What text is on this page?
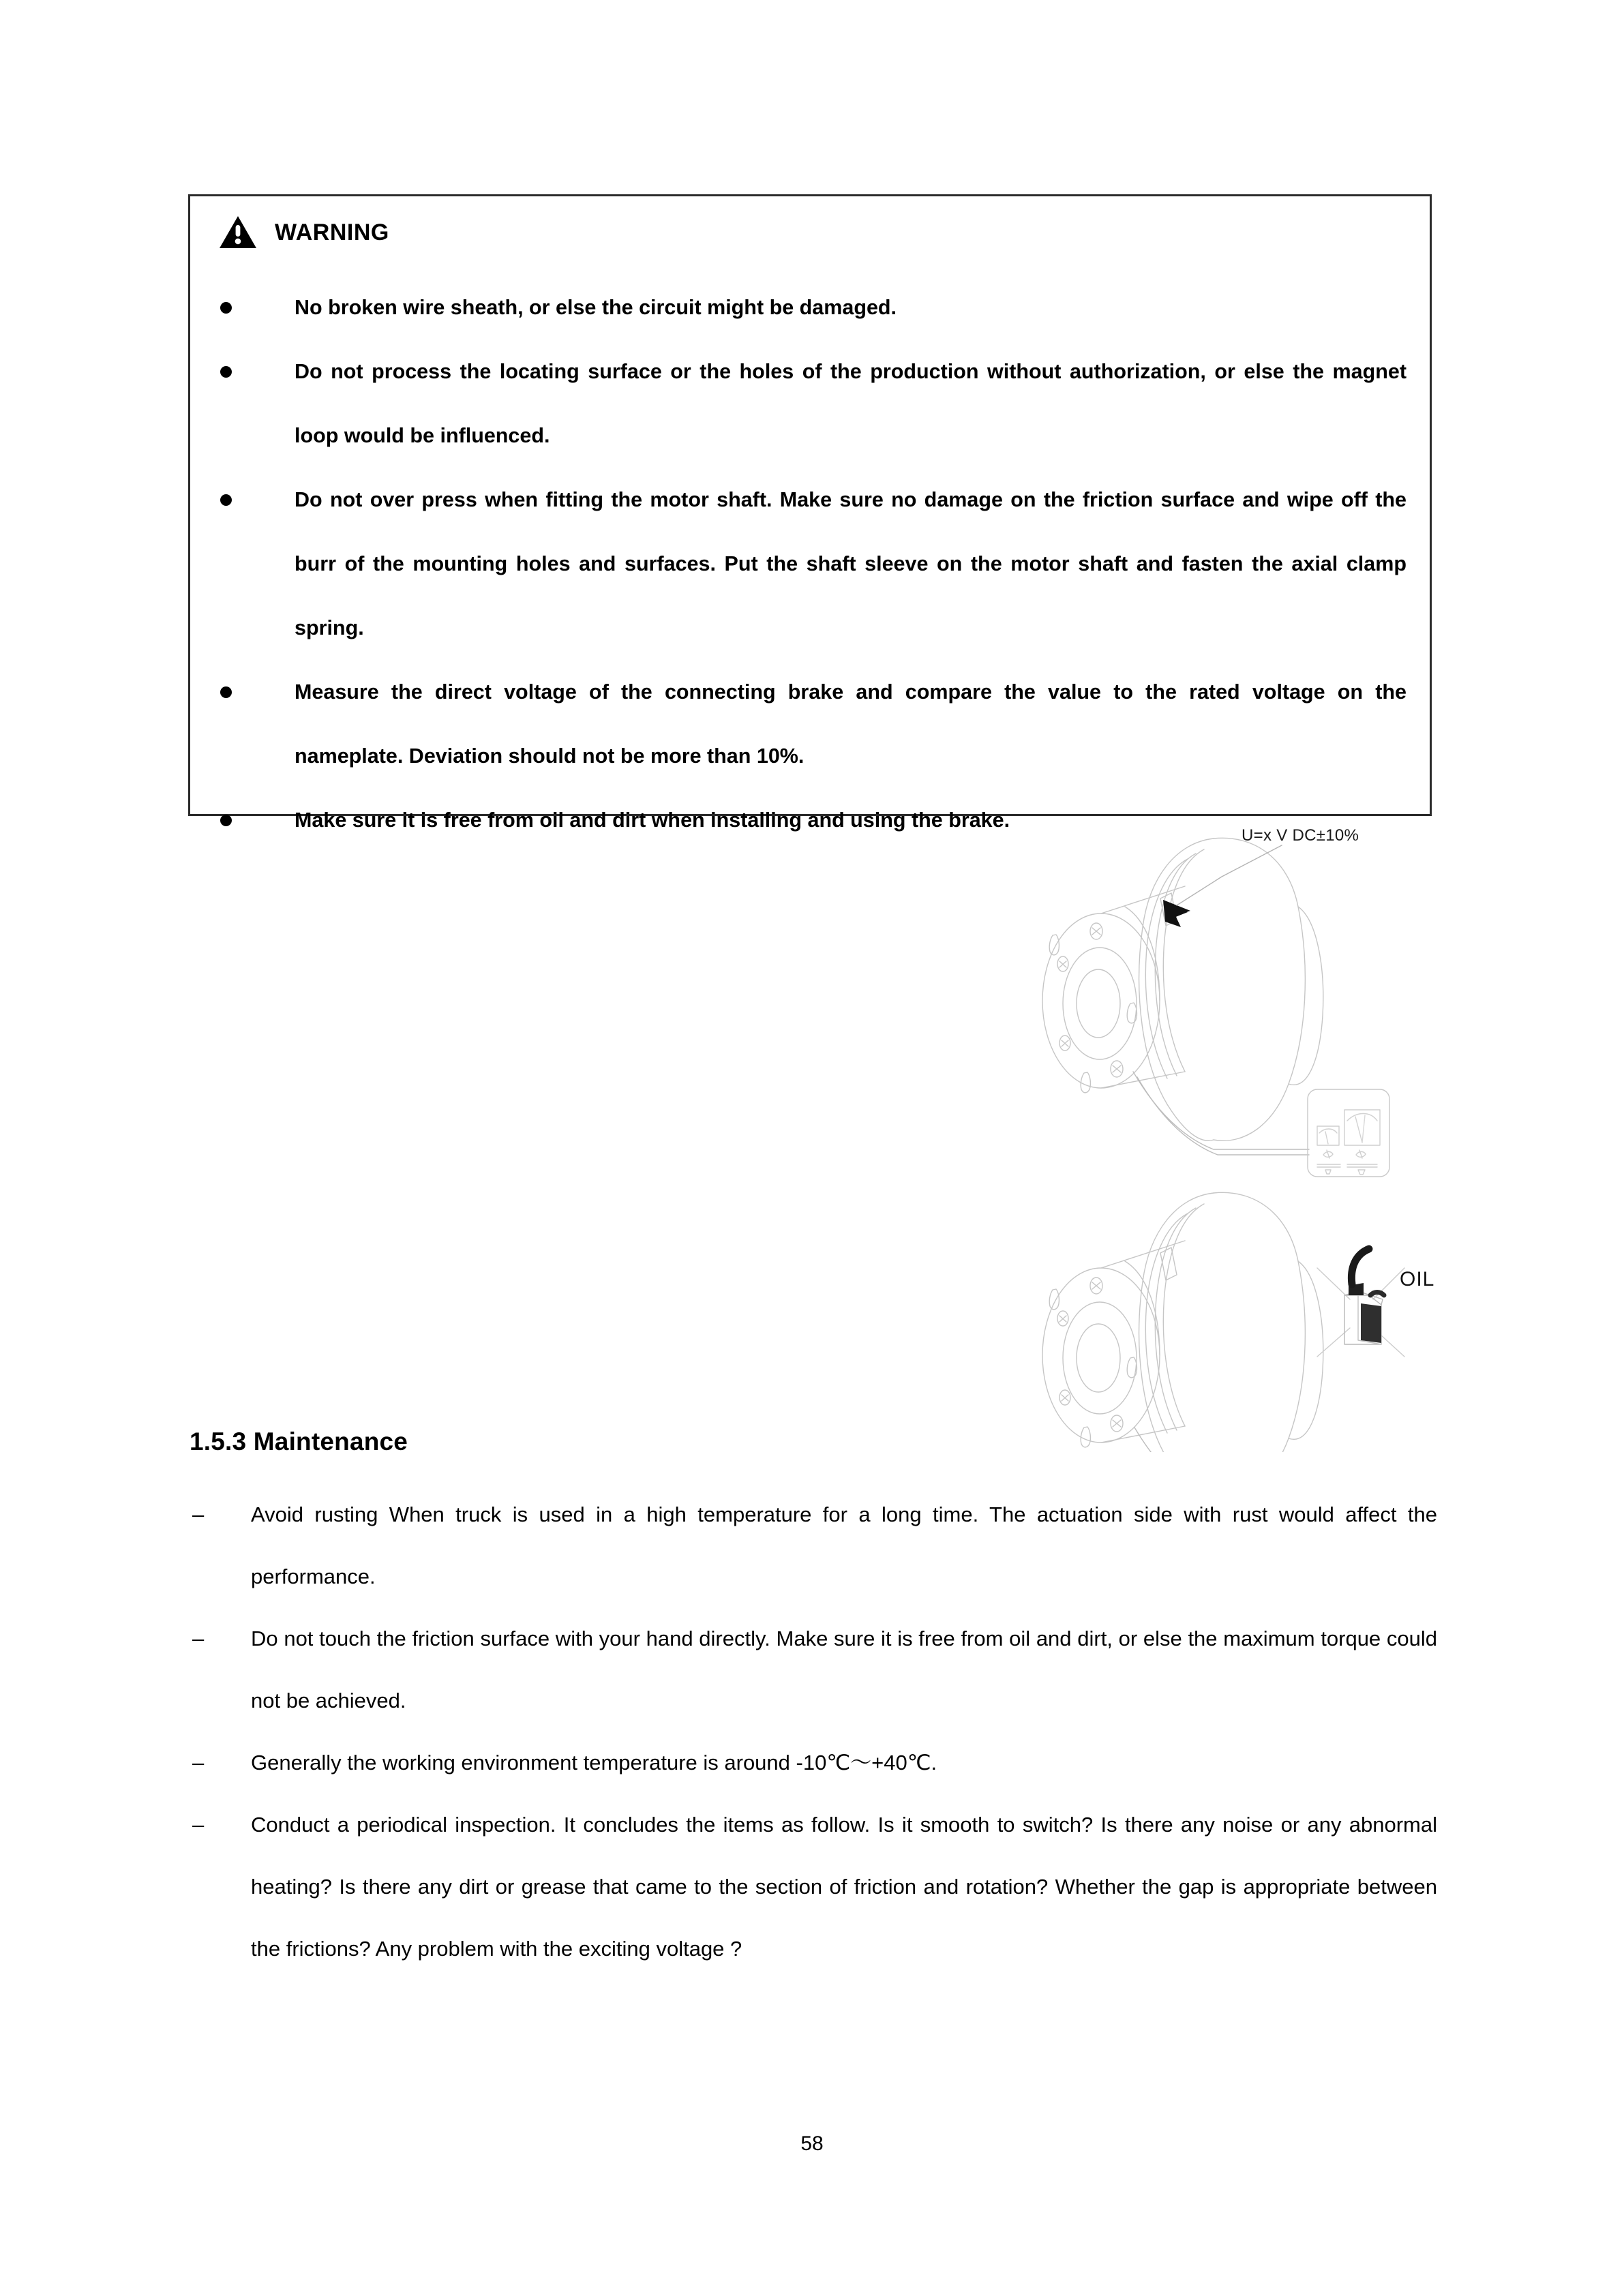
WARNING

No broken wire sheath, or else the circuit might be damaged.

Do not process the locating surface or the holes of the production without authorization, or else the magnet loop would be influenced.

Do not over press when fitting the motor shaft. Make sure no damage on the friction surface and wipe off the burr of the mounting holes and surfaces. Put the shaft sleeve on the motor shaft and fasten the axial clamp spring.

Measure the direct voltage of the connecting brake and compare the value to the rated voltage on the nameplate. Deviation should not be more than 10%.

Make sure it is free from oil and dirt when installing and using the brake.

U=x V DC±10%
OIL
1.5.3 Maintenance
–	Avoid rusting When truck is used in a high temperature for a long time. The actuation side with rust would affect the performance.

–	Do not touch the friction surface with your hand directly. Make sure it is free from oil and dirt, or else the maximum torque could not be achieved.

–	Generally the working environment temperature is around -10℃～+40℃.

–	Conduct a periodical inspection. It concludes the items as follow. Is it smooth to switch? Is there any noise or any abnormal heating? Is there any dirt or grease that came to the section of friction and rotation? Whether the gap is appropriate between the frictions? Any problem with the exciting voltage ?

58
